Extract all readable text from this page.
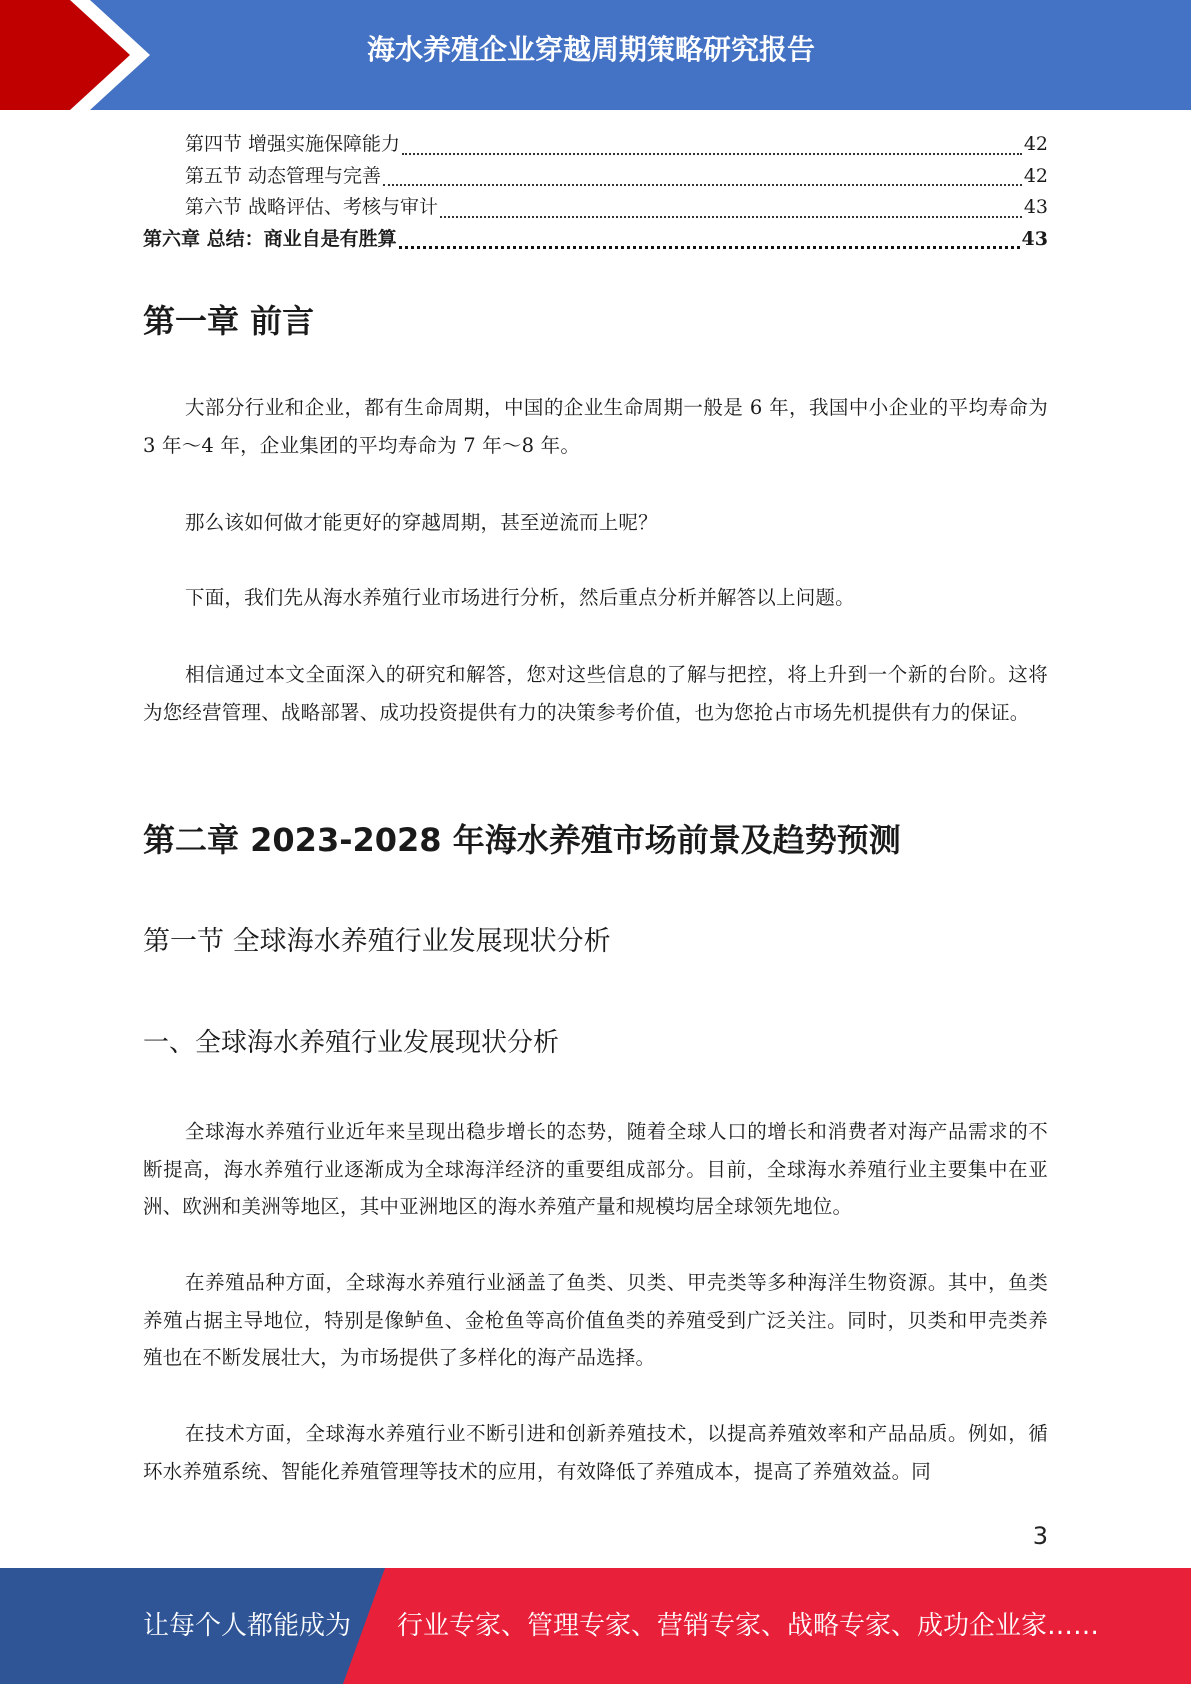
海水养殖企业穿越周期策略研究报告
第四节 增强实施保障能力	42
第五节 动态管理与完善	42
第六节 战略评估、考核与审计	43
第六章 总结：商业自是有胜算	43
第一章 前言

大部分行业和企业，都有生命周期，中国的企业生命周期一般是 6 年，我国中小企业的平均寿命为 3 年～4 年，企业集团的平均寿命为 7 年～8 年。

那么该如何做才能更好的穿越周期，甚至逆流而上呢？

下面，我们先从海水养殖行业市场进行分析，然后重点分析并解答以上问题。

相信通过本文全面深入的研究和解答，您对这些信息的了解与把控，将上升到一个新的台阶。这将为您经营管理、战略部署、成功投资提供有力的决策参考价值，也为您抢占市场先机提供有力的保证。

第二章 2023-2028 年海水养殖市场前景及趋势预测
第一节 全球海水养殖行业发展现状分析
一、全球海水养殖行业发展现状分析

全球海水养殖行业近年来呈现出稳步增长的态势，随着全球人口的增长和消费者对海产品需求的不断提高，海水养殖行业逐渐成为全球海洋经济的重要组成部分。目前，全球海水养殖行业主要集中在亚洲、欧洲和美洲等地区，其中亚洲地区的海水养殖产量和规模均居全球领先地位。

在养殖品种方面，全球海水养殖行业涵盖了鱼类、贝类、甲壳类等多种海洋生物资源。其中，鱼类养殖占据主导地位，特别是像鲈鱼、金枪鱼等高价值鱼类的养殖受到广泛关注。同时，贝类和甲壳类养殖也在不断发展壮大，为市场提供了多样化的海产品选择。

在技术方面，全球海水养殖行业不断引进和创新养殖技术，以提高养殖效率和产品品质。例如，循环水养殖系统、智能化养殖管理等技术的应用，有效降低了养殖成本，提高了养殖效益。同

3
让每个人都能成为 行业专家、管理专家、营销专家、战略专家、成功企业家……
